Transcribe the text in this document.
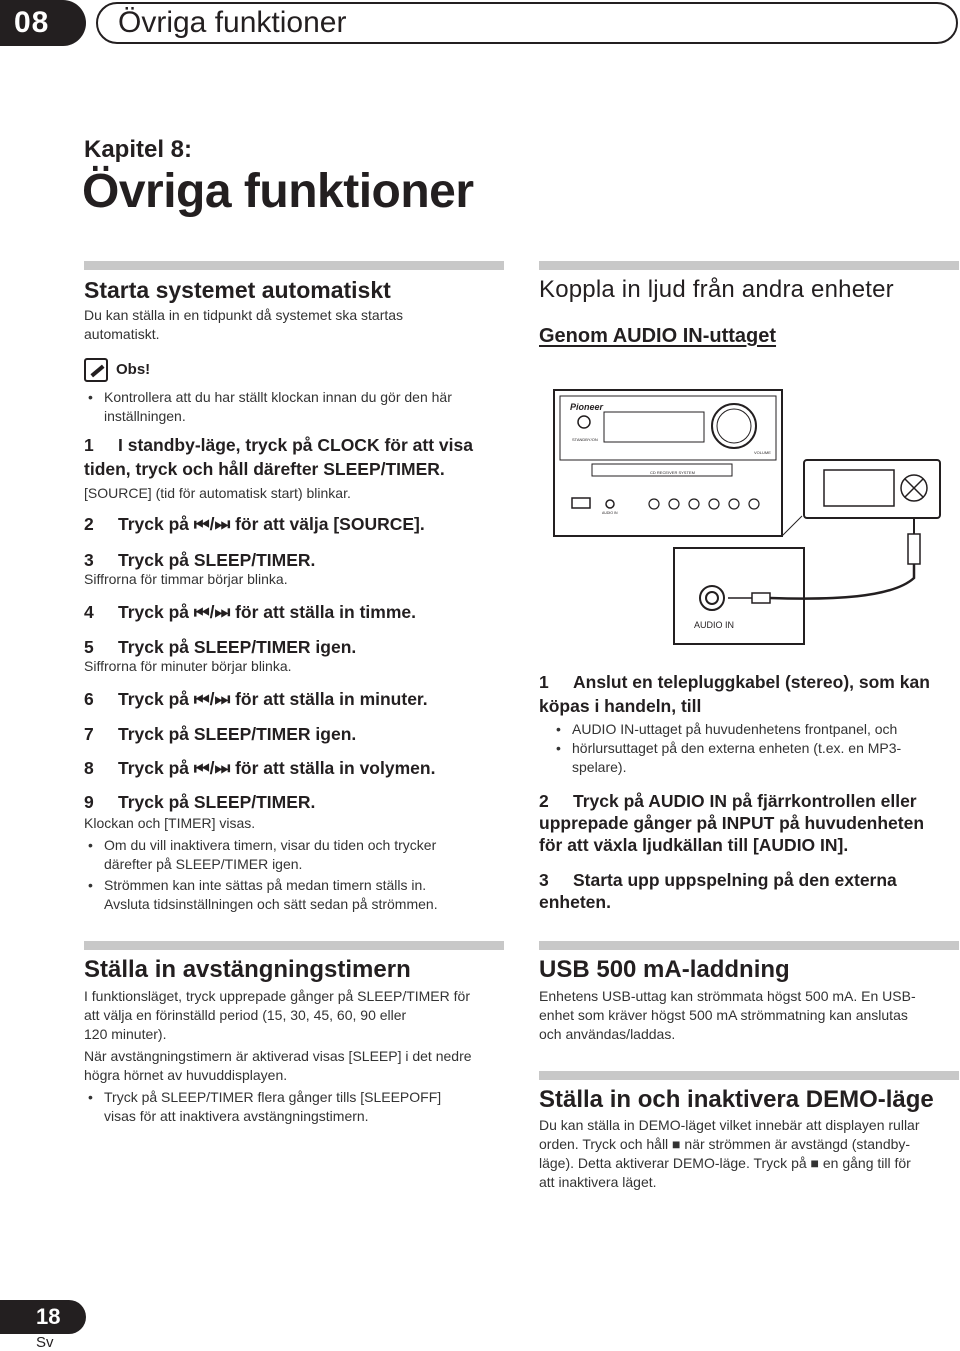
08	Övriga funktioner
Kapitel 8:
Övriga funktioner
Starta systemet automatiskt
Du kan ställa in en tidpunkt då systemet ska startas
automatiskt.
Obs!
• Kontrollera att du har ställt klockan innan du gör den här
inställningen.
1 I standby-läge, tryck på CLOCK för att visa
tiden, tryck och håll därefter SLEEP/TIMER.
[SOURCE] (tid för automatisk start) blinkar.
2 Tryck på ⏮/⏭ för att välja [SOURCE].
3 Tryck på SLEEP/TIMER.
Siffrorna för timmar börjar blinka.
4 Tryck på ⏮/⏭ för att ställa in timme.
5 Tryck på SLEEP/TIMER igen.
Siffrorna för minuter börjar blinka.
6 Tryck på ⏮/⏭ för att ställa in minuter.
7 Tryck på SLEEP/TIMER igen.
8 Tryck på ⏮/⏭ för att ställa in volymen.
9 Tryck på SLEEP/TIMER.
Klockan och [TIMER] visas.
• Om du vill inaktivera timern, visar du tiden och trycker
därefter på SLEEP/TIMER igen.
• Strömmen kan inte sättas på medan timern ställs in.
Avsluta tidsinställningen och sätt sedan på strömmen.
Ställa in avstängningstimern
I funktionsläget, tryck upprepade gånger på SLEEP/TIMER för
att välja en förinställd period (15, 30, 45, 60, 90 eller
120 minuter).
När avstängningstimern är aktiverad visas [SLEEP] i det nedre
högra hörnet av huvuddisplayen.
• Tryck på SLEEP/TIMER flera gånger tills [SLEEPOFF]
visas för att inaktivera avstängningstimern.
Koppla in ljud från andra enheter
Genom AUDIO IN-uttaget
Pioneer
STANDBY/ON
VOLUME
CD RECEIVER SYSTEM
AUDIO IN
AUDIO IN
1 Anslut en telepluggkabel (stereo), som kan
köpas i handeln, till
• AUDIO IN-uttaget på huvudenhetens frontpanel, och
• hörlursuttaget på den externa enheten (t.ex. en MP3-
spelare).
2 Tryck på AUDIO IN på fjärrkontrollen eller
upprepade gånger på INPUT på huvudenheten
för att växla ljudkällan till [AUDIO IN].
3 Starta upp uppspelning på den externa
enheten.
USB 500 mA-laddning
Enhetens USB-uttag kan strömmata högst 500 mA. En USB-
enhet som kräver högst 500 mA strömmatning kan anslutas
och användas/laddas.
Ställa in och inaktivera DEMO-läge
Du kan ställa in DEMO-läget vilket innebär att displayen rullar
orden. Tryck och håll ■ när strömmen är avstängd (standby-
läge). Detta aktiverar DEMO-läge. Tryck på ■ en gång till för
att inaktivera läget.
18
Sv
